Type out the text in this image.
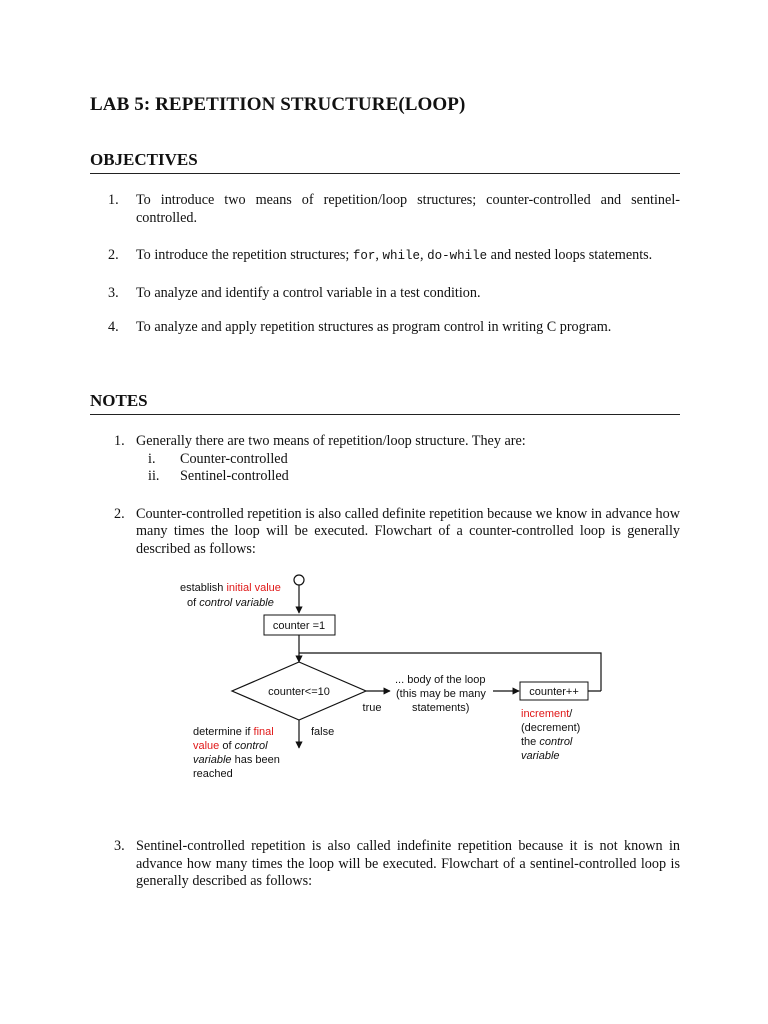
LAB 5: REPETITION STRUCTURE(LOOP)
OBJECTIVES
1. To introduce two means of repetition/loop structures; counter-controlled and sentinel-controlled.
2. To introduce the repetition structures; for, while, do-while and nested loops statements.
3. To analyze and identify a control variable in a test condition.
4. To analyze and apply repetition structures as program control in writing C program.
NOTES
1. Generally there are two means of repetition/loop structure. They are:
i. Counter-controlled
ii. Sentinel-controlled
2. Counter-controlled repetition is also called definite repetition because we know in advance how many times the loop will be executed. Flowchart of a counter-controlled loop is generally described as follows:
establish initial value
of control variable
counter =1
counter<=10
true
... body of the loop
(this may be many
statements)
counter++
increment/
(decrement)
the control
variable
false
determine if final
value of control
variable has been
reached
3. Sentinel-controlled repetition is also called indefinite repetition because it is not known in advance how many times the loop will be executed. Flowchart of a sentinel-controlled loop is generally described as follows:
